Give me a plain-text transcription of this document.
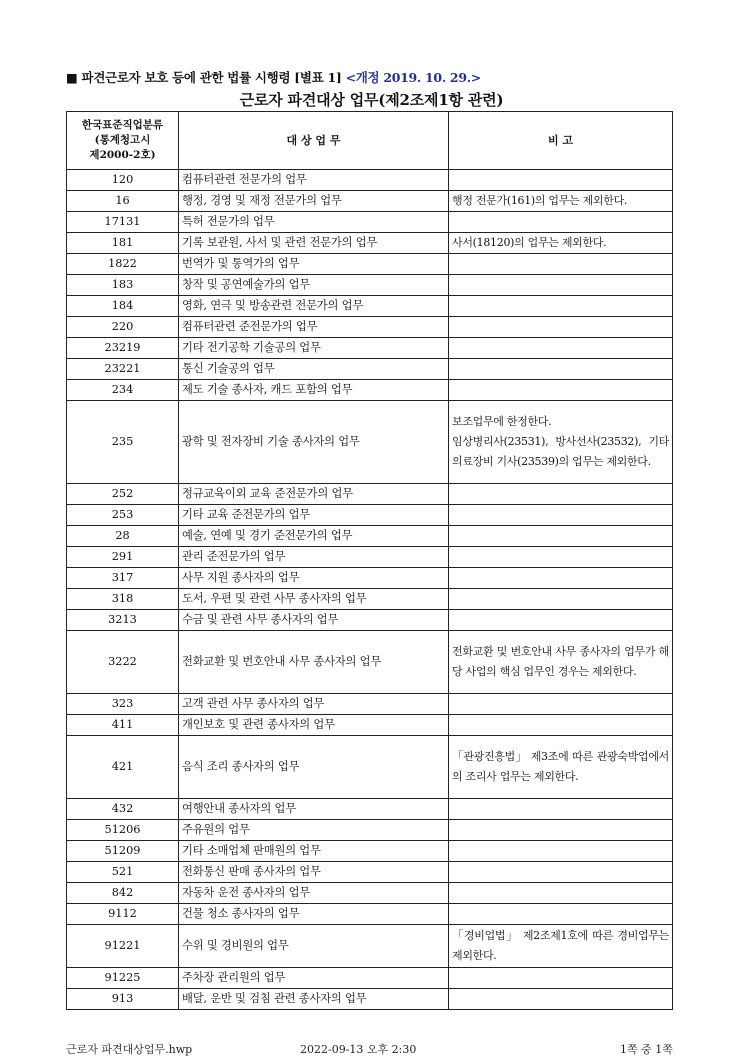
■ 파견근로자 보호 등에 관한 법률 시행령 [별표 1] <개정 2019. 10. 29.>
근로자 파견대상 업무(제2조제1항 관련)
한국표준직업분류
(통계청고시
제2000-2호)	대 상 업 무	비 고
120	컴퓨터관련 전문가의 업무	
16	행정, 경영 및 재정 전문가의 업무	행정 전문가(161)의 업무는 제외한다.

17131	특허 전문가의 업무	
181	기록 보관원, 사서 및 관련 전문가의 업무	사서(18120)의 업무는 제외한다.

1822	번역가 및 통역가의 업무	
183	창작 및 공연예술가의 업무	
184	영화, 연극 및 방송관련 전문가의 업무	
220	컴퓨터관련 준전문가의 업무	
23219	기타 전기공학 기술공의 업무	
23221	통신 기술공의 업무	
234	제도 기술 종사자, 캐드 포함의 업무	
235	광학 및 전자장비 기술 종사자의 업무	보조업무에 한정한다.
임상병리사(23531), 방사선사(23532), 기타 의료장비 기사(23539)의 업무는 제외한다.

252	정규교육이외 교육 준전문가의 업무	
253	기타 교육 준전문가의 업무	
28	예술, 연예 및 경기 준전문가의 업무	
291	관리 준전문가의 업무	
317	사무 지원 종사자의 업무	
318	도서, 우편 및 관련 사무 종사자의 업무	
3213	수금 및 관련 사무 종사자의 업무	
3222	전화교환 및 번호안내 사무 종사자의 업무	전화교환 및 번호안내 사무 종사자의 업무가 해당 사업의 핵심 업무인 경우는 제외한다.

323	고객 관련 사무 종사자의 업무	
411	개인보호 및 관련 종사자의 업무	
421	음식 조리 종사자의 업무	「관광진흥법」 제3조에 따른 관광숙박업에서의 조리사 업무는 제외한다.

432	여행안내 종사자의 업무	
51206	주유원의 업무	
51209	기타 소매업체 판매원의 업무	
521	전화통신 판매 종사자의 업무	
842	자동차 운전 종사자의 업무	
9112	건물 청소 종사자의 업무	
91221	수위 및 경비원의 업무	「경비업법」 제2조제1호에 따른 경비업무는 제외한다.

91225	주차장 관리원의 업무	
913	배달, 운반 및 검침 관련 종사자의 업무	
근로자 파견대상업무.hwp	2022-09-13 오후 2:30	1쪽 중 1쪽
